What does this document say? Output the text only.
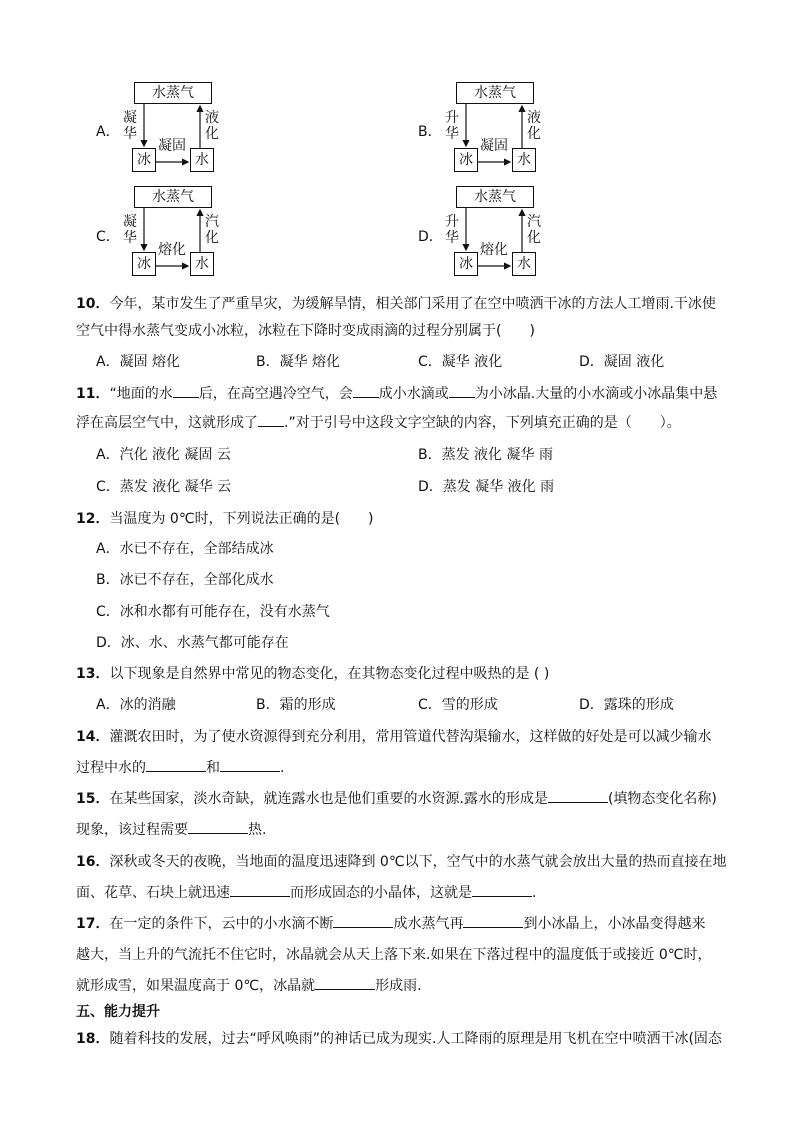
A．
水蒸气
冰	水
凝
华
液
化
凝固
B．
水蒸气
冰	水
升
华
液
化
凝固
C．
水蒸气
冰	水
凝
华
汽
化
熔化
D．
水蒸气
冰	水
升
华
汽
化
熔化
10．今年，某市发生了严重旱灾，为缓解旱情，相关部门采用了在空中喷洒干冰的方法人工增雨.干冰使
空气中得水蒸气变成小冰粒，冰粒在下降时变成雨滴的过程分别属于(　　)
A．凝固 熔化	B．凝华 熔化	C．凝华 液化	D．凝固 液化
11．“地面的水 后，在高空遇冷空气，会 成小水滴或 为小冰晶.大量的小水滴或小冰晶集中悬
浮在高层空气中，这就形成了 .”对于引号中这段文字空缺的内容，下列填充正确的是（　　）。
A．汽化 液化 凝固 云	B．蒸发 液化 凝华 雨
C．蒸发 液化 凝华 云	D．蒸发 凝华 液化 雨
12．当温度为 0℃时，下列说法正确的是(　　)
A．水已不存在，全部结成冰
B．冰已不存在，全部化成水
C．冰和水都有可能存在，没有水蒸气
D．冰、水、水蒸气都可能存在
13．以下现象是自然界中常见的物态变化，在其物态变化过程中吸热的是 ( )
A．冰的消融	B．霜的形成	C．雪的形成	D．露珠的形成
14．灌溉农田时，为了使水资源得到充分利用，常用管道代替沟渠输水，这样做的好处是可以减少输水
过程中水的	和	.
15．在某些国家，淡水奇缺，就连露水也是他们重要的水资源.露水的形成是	(填物态变化名称)
现象，该过程需要	热.
16．深秋或冬天的夜晚，当地面的温度迅速降到 0℃以下，空气中的水蒸气就会放出大量的热而直接在地
面、花草、石块上就迅速	而形成固态的小晶体，这就是	.
17．在一定的条件下，云中的小水滴不断	成水蒸气再	到小冰晶上，小冰晶变得越来
越大，当上升的气流托不住它时，冰晶就会从天上落下来.如果在下落过程中的温度低于或接近 0℃时，
就形成雪，如果温度高于 0℃，冰晶就	形成雨.
五、能力提升
18．随着科技的发展，过去“呼风唤雨”的神话已成为现实.人工降雨的原理是用飞机在空中喷洒干冰(固态
